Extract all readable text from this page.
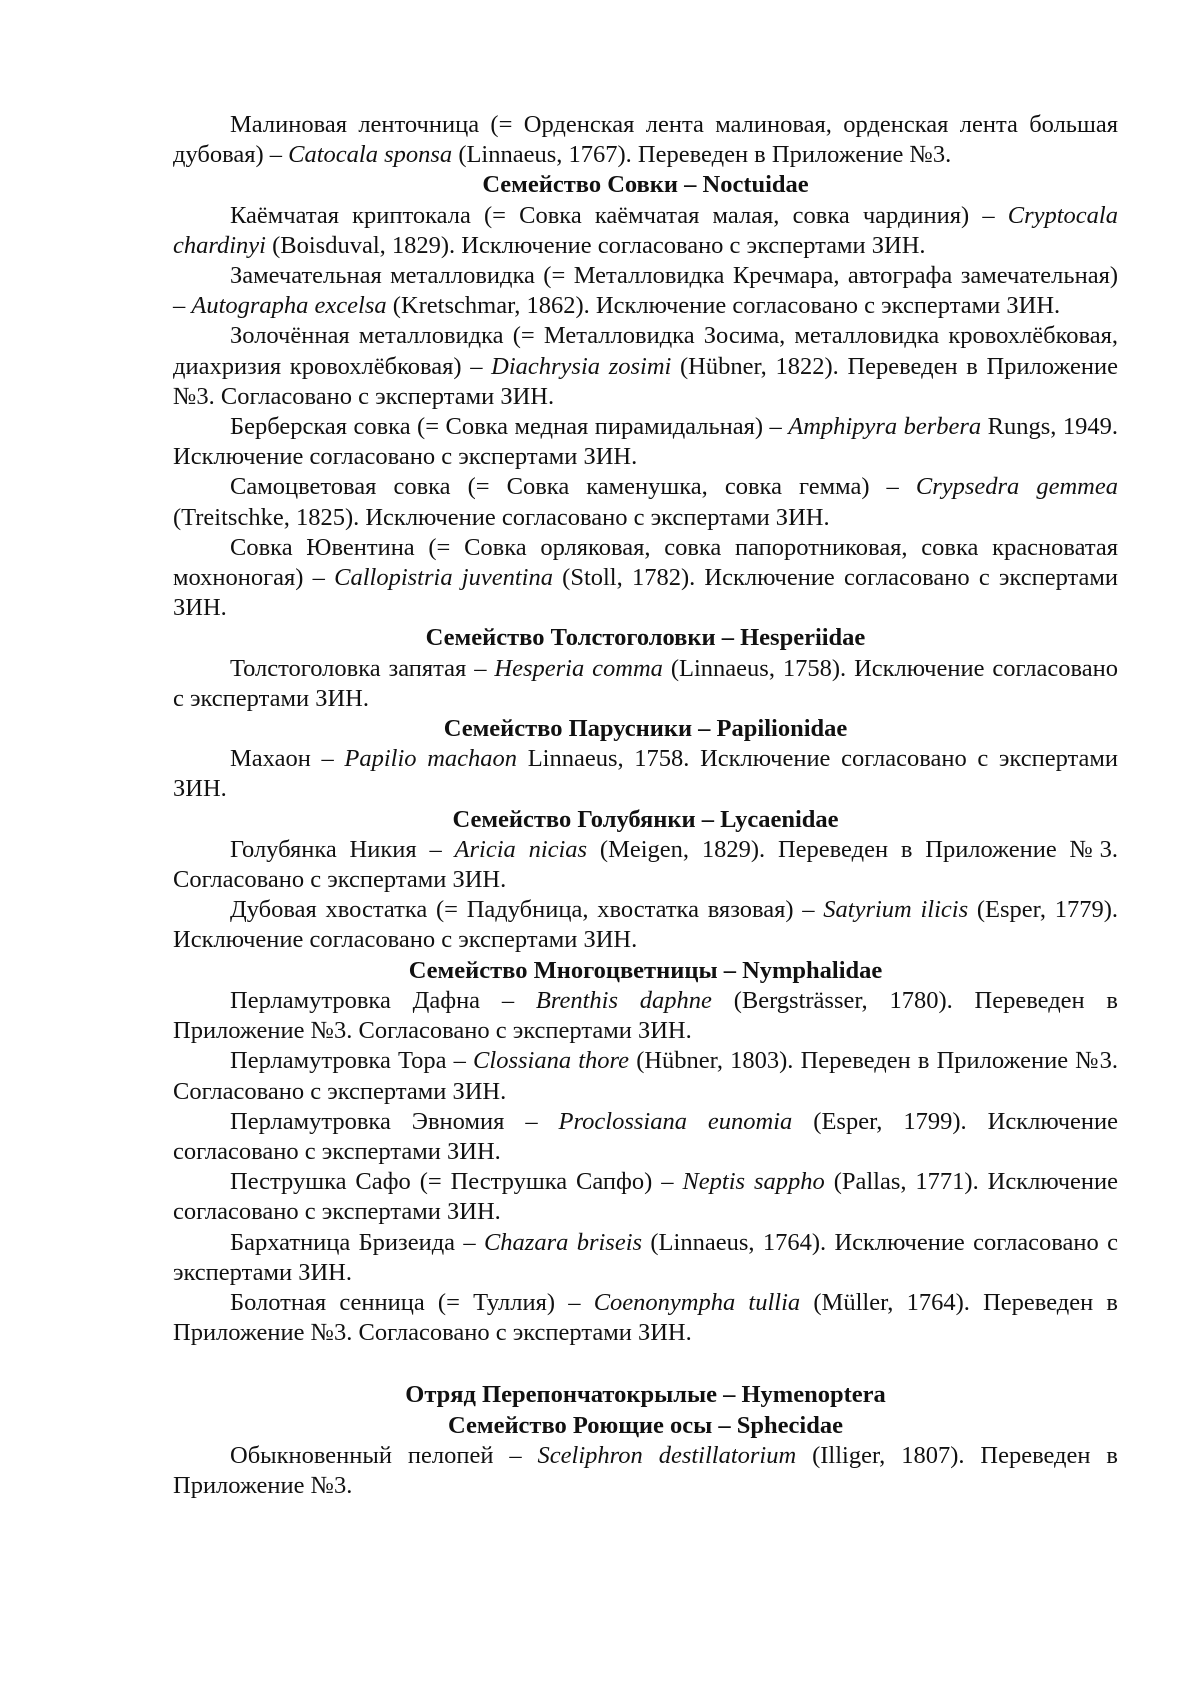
Малиновая ленточница (= Орденская лента малиновая, орденская лента большая дубовая) – Catocala sponsa (Linnaeus, 1767). Переведен в Приложение №3.

Семейство Совки – Noctuidae

Каёмчатая криптокала (= Совка каёмчатая малая, совка чардиния) – Cryptocala chardinyi (Boisduval, 1829). Исключение согласовано с экспертами ЗИН.

Замечательная металловидка (= Металловидка Кречмара, автографа замечательная) – Autographa excelsa (Kretschmar, 1862). Исключение согласовано с экспертами ЗИН.

Золочённая металловидка (= Металловидка Зосима, металловидка кровохлёбковая, диахризия кровохлёбковая) – Diachrysia zosimi (Hübner, 1822). Переведен в Приложение №3. Согласовано с экспертами ЗИН.

Берберская совка (= Совка медная пирамидальная) – Amphipyra berbera Rungs, 1949. Исключение согласовано с экспертами ЗИН.

Самоцветовая совка (= Совка каменушка, совка гемма) – Crypsedra gemmea (Treitschke, 1825). Исключение согласовано с экспертами ЗИН.

Совка Ювентина (= Совка орляковая, совка папоротниковая, совка красноватая мохноногая) – Callopistria juventina (Stoll, 1782). Исключение согласовано с экспертами ЗИН.

Семейство Толстоголовки – Hesperiidae

Толстоголовка запятая – Hesperia comma (Linnaeus, 1758). Исключение согласовано с экспертами ЗИН.

Семейство Парусники – Papilionidae

Махаон – Papilio machaon Linnaeus, 1758. Исключение согласовано с экспертами ЗИН.

Семейство Голубянки – Lycaenidae

Голубянка Никия – Aricia nicias (Meigen, 1829). Переведен в Приложение №3. Согласовано с экспертами ЗИН.

Дубовая хвостатка (= Падубница, хвостатка вязовая) – Satyrium ilicis (Esper, 1779). Исключение согласовано с экспертами ЗИН.

Семейство Многоцветницы – Nymphalidae

Перламутровка Дафна – Brenthis daphne (Bergsträsser, 1780). Переведен в Приложение №3. Согласовано с экспертами ЗИН.

Перламутровка Тора – Clossiana thore (Hübner, 1803). Переведен в Приложение №3. Согласовано с экспертами ЗИН.

Перламутровка Эвномия – Proclossiana eunomia (Esper, 1799). Исключение согласовано с экспертами ЗИН.

Пеструшка Сафо (= Пеструшка Сапфо) – Neptis sappho (Pallas, 1771). Исключение согласовано с экспертами ЗИН.

Бархатница Бризеида – Chazara briseis (Linnaeus, 1764). Исключение согласовано с экспертами ЗИН.

Болотная сенница (= Туллия) – Coenonympha tullia (Müller, 1764). Переведен в Приложение №3. Согласовано с экспертами ЗИН.

Отряд Перепончатокрылые – Hymenoptera

Семейство Роющие осы – Sphecidae

Обыкновенный пелопей – Sceliphron destillatorium (Illiger, 1807). Переведен в Приложение №3.
